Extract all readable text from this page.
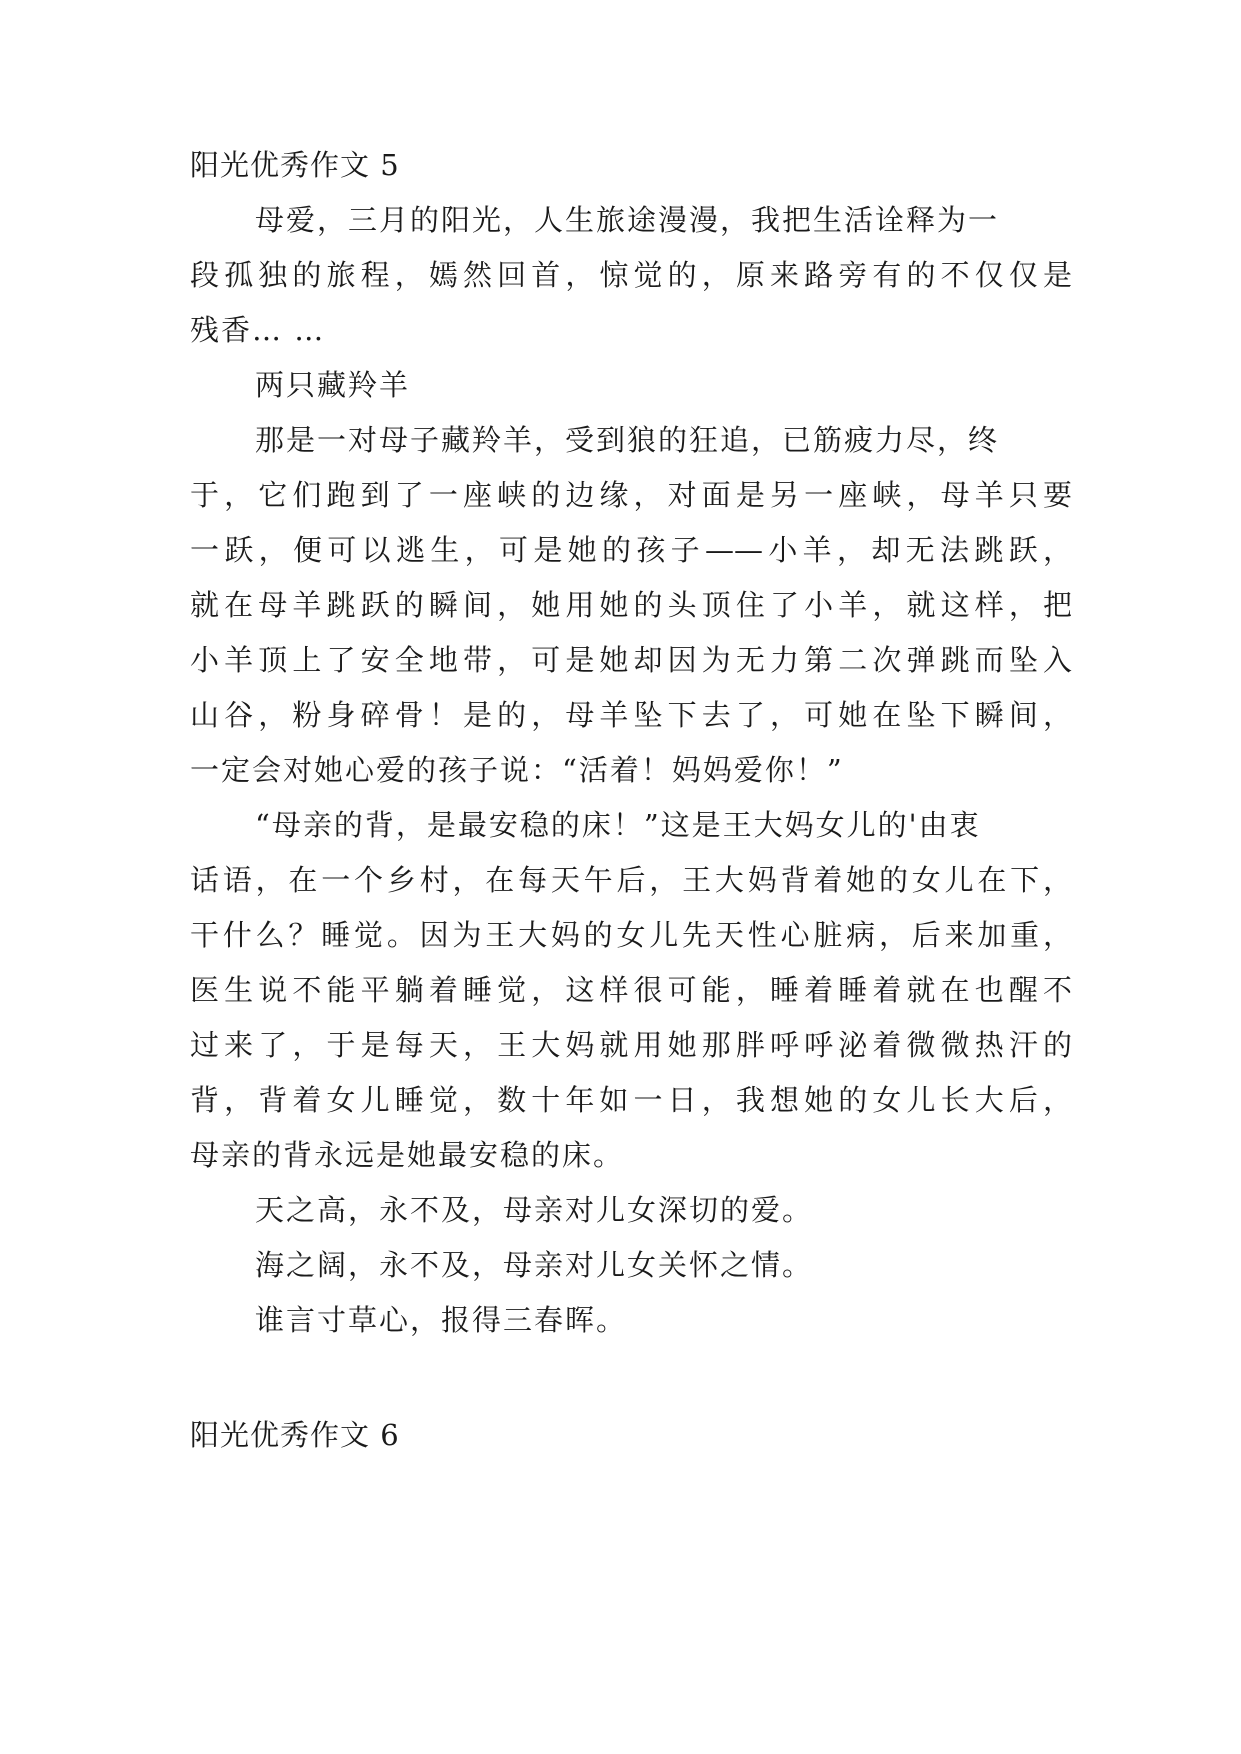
阳光优秀作文 5
母爱，三月的阳光，人生旅途漫漫，我把生活诠释为一
段孤独的旅程，嫣然回首，惊觉的，原来路旁有的不仅仅是
残香… …
两只藏羚羊
那是一对母子藏羚羊，受到狼的狂追，已筋疲力尽，终
于，它们跑到了一座峡的边缘，对面是另一座峡，母羊只要
一跃，便可以逃生，可是她的孩子——小羊，却无法跳跃，
就在母羊跳跃的瞬间，她用她的头顶住了小羊，就这样，把
小羊顶上了安全地带，可是她却因为无力第二次弹跳而坠入
山谷，粉身碎骨！是的，母羊坠下去了，可她在坠下瞬间，
一定会对她心爱的孩子说：“活着！妈妈爱你！”
“母亲的背，是最安稳的床！”这是王大妈女儿的'由衷
话语，在一个乡村，在每天午后，王大妈背着她的女儿在下，
干什么？睡觉。因为王大妈的女儿先天性心脏病，后来加重，
医生说不能平躺着睡觉，这样很可能，睡着睡着就在也醒不
过来了，于是每天，王大妈就用她那胖呼呼泌着微微热汗的
背，背着女儿睡觉，数十年如一日，我想她的女儿长大后，
母亲的背永远是她最安稳的床。
天之高，永不及，母亲对儿女深切的爱。
海之阔，永不及，母亲对儿女关怀之情。
谁言寸草心，报得三春晖。
阳光优秀作文 6
